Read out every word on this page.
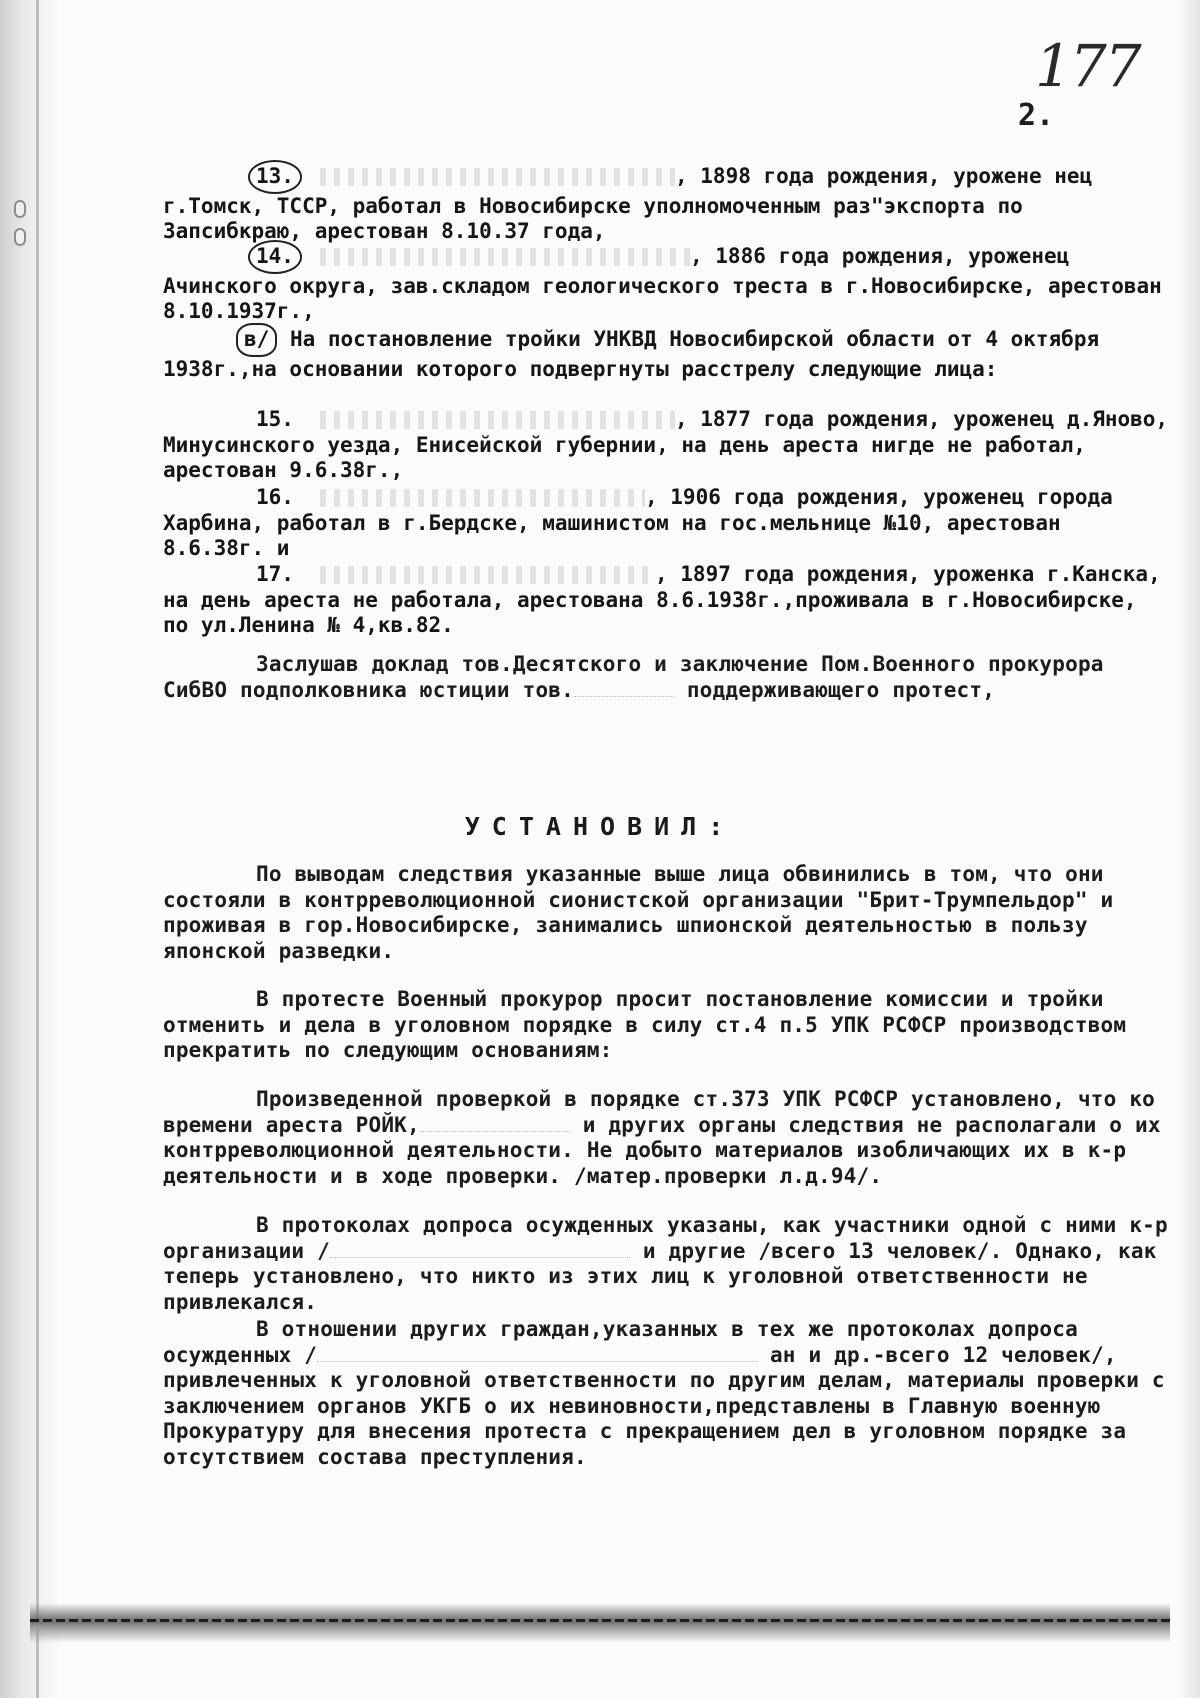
177

2.

13.	, 1898 года рождения, урожене нец г.Томск, ТССР, работал в Новосибирске уполномоченным раз"экспорта по Запсибкраю, арестован 8.10.37 года,
14.	, 1886 года рождения, уроженец Ачинского округа, зав.складом геологического треста в г.Новосибирске, арестован 8.10.1937г.,
в/ На постановление тройки УНКВД Новосибирской области от 4 октября 1938г.,на основании которого подвергнуты расстрелу следующие лица:
15.	, 1877 года рождения, уроженец д.Яново, Минусинского уезда, Енисейской губернии, на день ареста нигде не работал, арестован 9.6.38г.,
16.	, 1906 года рождения, уроженец города Харбина, работал в г.Бердске, машинистом на гос.мельнице №10, арестован 8.6.38г. и
17.	, 1897 года рождения, уроженка г.Канска, на день ареста не работала, арестована 8.6.1938г.,проживала в г.Новосибирске, по ул.Ленина № 4,кв.82.

Заслушав доклад тов.Десятского и заключение Пом.Военного прокурора СибВО подполковника юстиции тов.	поддерживающего протест,

УСТАНОВИЛ:

По выводам следствия указанные выше лица обвинились в том, что они состояли в контрреволюционной сионистской организации "Брит-Трумпельдор" и проживая в гор.Новосибирске, занимались шпионской деятельностью в пользу японской разведки.

В протесте Военный прокурор просит постановление комиссии и тройки отменить и дела в уголовном порядке в силу ст.4 п.5 УПК РСФСР производством прекратить по следующим основаниям:

Произведенной проверкой в порядке ст.373 УПК РСФСР установлено, что ко времени ареста РОЙК,	и других органы следствия не располагали о их контрреволюционной деятельности. Не добыто материалов изобличающих их в к-р деятельности и в ходе проверки. /матер.проверки л.д.94/.

В протоколах допроса осужденных указаны, как участники одной с ними к-р организации /	и другие /всего 13 человек/. Однако, как теперь установлено, что никто из этих лиц к уголовной ответственности не привлекался.

В отношении других граждан,указанных в тех же протоколах допроса осужденных /	ан и др.-всего 12 человек/, привлеченных к уголовной ответственности по другим делам, материалы проверки с заключением органов УКГБ о их невиновности,представлены в Главную военную Прокуратуру для внесения протеста с прекращением дел в уголовном порядке за отсутствием состава преступления.
